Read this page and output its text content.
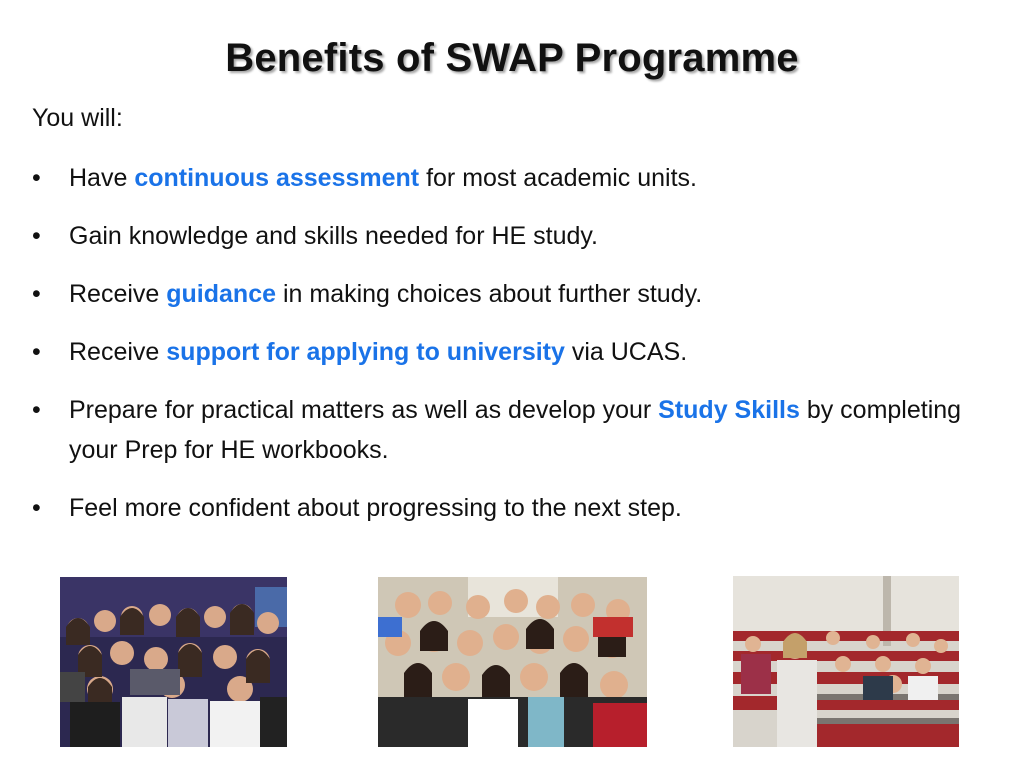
Benefits of SWAP Programme
You will:
• Have continuous assessment for most academic units.
• Gain knowledge and skills needed for HE study.
• Receive guidance in making choices about further study.
• Receive support for applying to university via UCAS.
• Prepare for practical matters as well as develop your Study Skills by completing your Prep for HE workbooks.
• Feel more confident about progressing to the next step.
